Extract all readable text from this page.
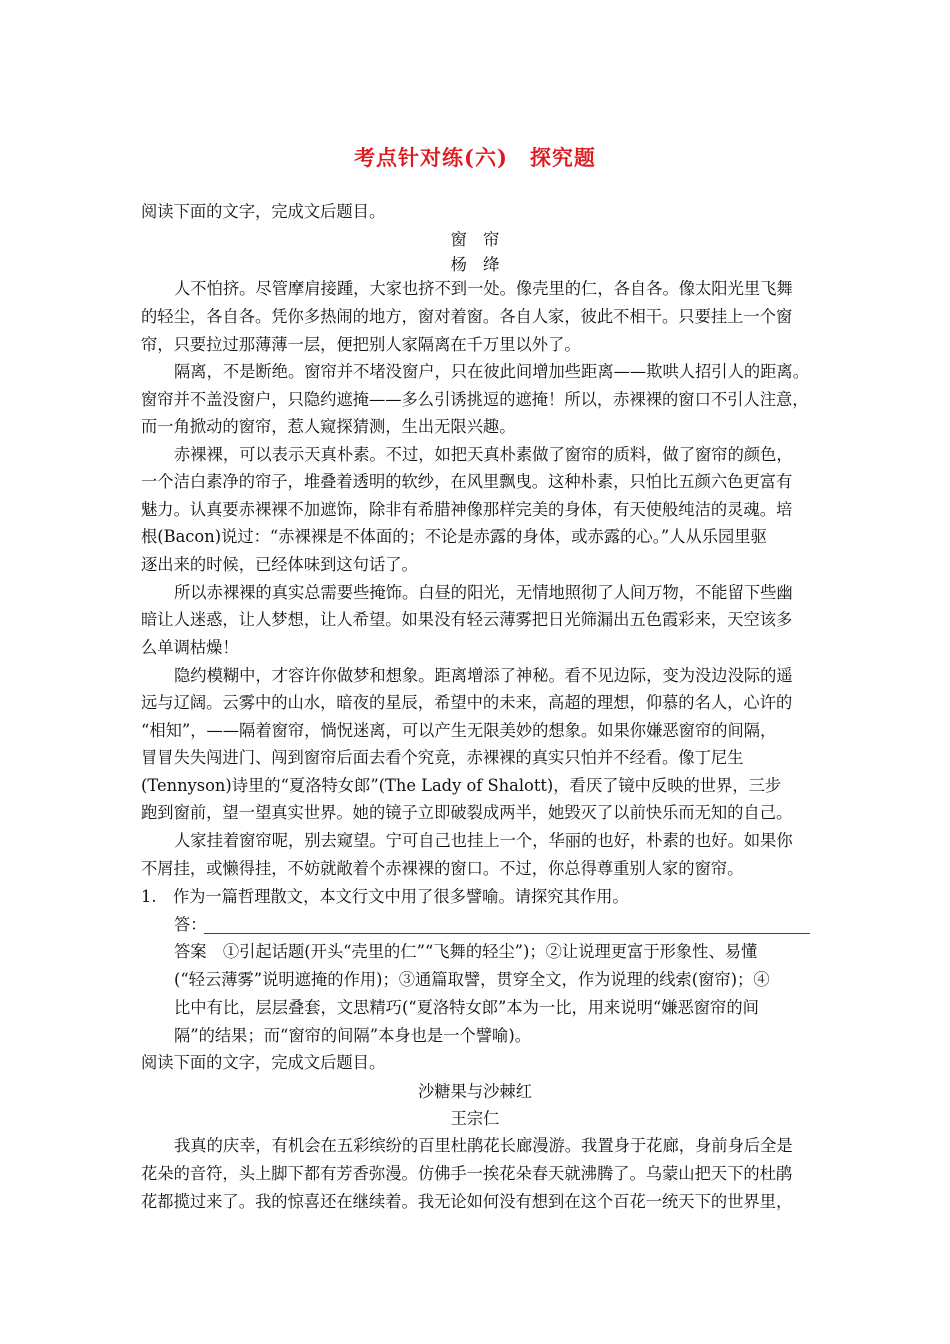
考点针对练(六)　探究题
阅读下面的文字，完成文后题目。
窗　帘
杨　绛
人不怕挤。尽管摩肩接踵，大家也挤不到一处。像壳里的仁，各自各。像太阳光里飞舞
的轻尘，各自各。凭你多热闹的地方，窗对着窗。各自人家，彼此不相干。只要挂上一个窗
帘，只要拉过那薄薄一层，便把别人家隔离在千万里以外了。
隔离，不是断绝。窗帘并不堵没窗户，只在彼此间增加些距离——欺哄人招引人的距离。
窗帘并不盖没窗户，只隐约遮掩——多么引诱挑逗的遮掩！所以，赤裸裸的窗口不引人注意，
而一角掀动的窗帘，惹人窥探猜测，生出无限兴趣。
赤裸裸，可以表示天真朴素。不过，如把天真朴素做了窗帘的质料，做了窗帘的颜色，
一个洁白素净的帘子，堆叠着透明的软纱，在风里飘曳。这种朴素，只怕比五颜六色更富有
魅力。认真要赤裸裸不加遮饰，除非有希腊神像那样完美的身体，有天使般纯洁的灵魂。培
根(Bacon)说过：“赤裸裸是不体面的；不论是赤露的身体，或赤露的心。”人从乐园里驱
逐出来的时候，已经体味到这句话了。
所以赤裸裸的真实总需要些掩饰。白昼的阳光，无情地照彻了人间万物，不能留下些幽
暗让人迷惑，让人梦想，让人希望。如果没有轻云薄雾把日光筛漏出五色霞彩来，天空该多
么单调枯燥！
隐约模糊中，才容许你做梦和想象。距离增添了神秘。看不见边际，变为没边没际的遥
远与辽阔。云雾中的山水，暗夜的星辰，希望中的未来，高超的理想，仰慕的名人，心许的
“相知”，——隔着窗帘，惝怳迷离，可以产生无限美妙的想象。如果你嫌恶窗帘的间隔，
冒冒失失闯进门、闯到窗帘后面去看个究竟，赤裸裸的真实只怕并不经看。像丁尼生
(Tennyson)诗里的“夏洛特女郎”(The Lady of Shalott)，看厌了镜中反映的世界，三步
跑到窗前，望一望真实世界。她的镜子立即破裂成两半，她毁灭了以前快乐而无知的自己。
人家挂着窗帘呢，别去窥望。宁可自己也挂上一个，华丽的也好，朴素的也好。如果你
不屑挂，或懒得挂，不妨就敞着个赤裸裸的窗口。不过，你总得尊重别人家的窗帘。
1.　作为一篇哲理散文，本文行文中用了很多譬喻。请探究其作用。
答：
答案　①引起话题(开头“壳里的仁”“飞舞的轻尘”)；②让说理更富于形象性、易懂
(“轻云薄雾”说明遮掩的作用)；③通篇取譬，贯穿全文，作为说理的线索(窗帘)；④
比中有比，层层叠套，文思精巧(“夏洛特女郎”本为一比，用来说明“嫌恶窗帘的间
隔”的结果；而“窗帘的间隔”本身也是一个譬喻)。
阅读下面的文字，完成文后题目。
沙糖果与沙棘红
王宗仁
我真的庆幸，有机会在五彩缤纷的百里杜鹃花长廊漫游。我置身于花廊，身前身后全是
花朵的音符，头上脚下都有芳香弥漫。仿佛手一挨花朵春天就沸腾了。乌蒙山把天下的杜鹃
花都揽过来了。我的惊喜还在继续着。我无论如何没有想到在这个百花一统天下的世界里，
